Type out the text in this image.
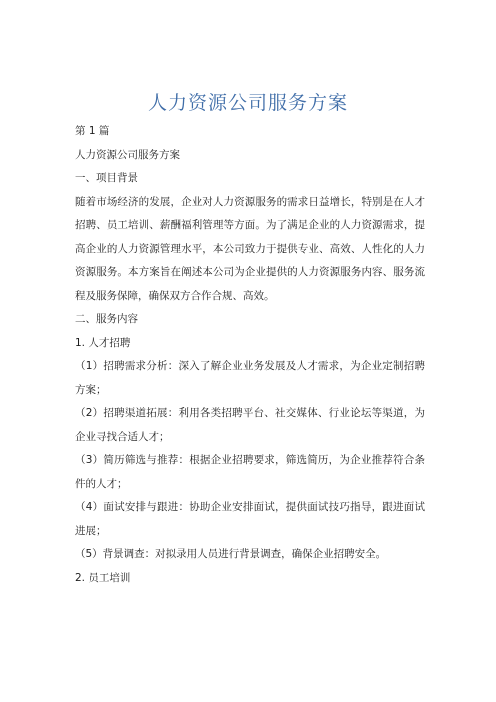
人力资源公司服务方案

第 1 篇

人力资源公司服务方案

一、项目背景

随着市场经济的发展，企业对人力资源服务的需求日益增长，特别是在人才招聘、员工培训、薪酬福利管理等方面。为了满足企业的人力资源需求，提高企业的人力资源管理水平，本公司致力于提供专业、高效、人性化的人力资源服务。本方案旨在阐述本公司为企业提供的人力资源服务内容、服务流程及服务保障，确保双方合作合规、高效。

二、服务内容

1. 人才招聘

（1）招聘需求分析：深入了解企业业务发展及人才需求，为企业定制招聘方案；

（2）招聘渠道拓展：利用各类招聘平台、社交媒体、行业论坛等渠道，为企业寻找合适人才；

（3）简历筛选与推荐：根据企业招聘要求，筛选简历，为企业推荐符合条件的人才；

（4）面试安排与跟进：协助企业安排面试，提供面试技巧指导，跟进面试进展；

（5）背景调查：对拟录用人员进行背景调查，确保企业招聘安全。

2. 员工培训
